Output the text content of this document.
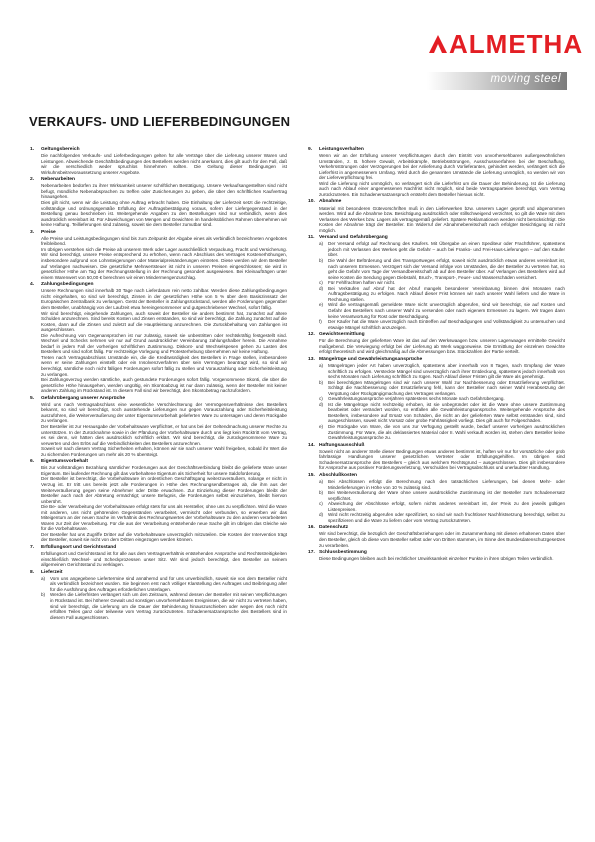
ALMETHA
moving steel
VERKAUFS- UND LIEFERBEDINGUNGEN
1.	Geltungsbereich

Die nachfolgenden Verkaufs- und Lieferbedingungen gelten für alle Verträge über die Lieferung unserer Waren und Leistungen. Abweichende Geschäftsbedingungen des Bestellers werden nicht anerkannt, dies gilt auch für den Fall, daß wir die verschiedlich weder spruchlos hinnehmen sollten. Die Geltung dieser Bedingungen ist Wirkuhnsbeitrevoraussetzung unserer Angebote.

2.	Nebenarbeiten

Nebenarbeiten bedürfen zu ihrer Wirksamkeit unserer schriftlichen Bestätigung. Unsere Verkaufsangestellten sind nicht befugt, mündliche Nebenabsprachen zu treffen oder Zusicherungen zu geben, die über den schriftlichen Kaufvertrag hinausgehen.

Dies gilt nicht, wenn wir die Leistung ohne Auftrag erbracht haben. Die Einhaltung der Lieferzeit setzt die rechtzeitige, vollständige und ordnungsgemäße Erfüllung der Auftragsbestätigung voraus, sofern der Liefergegenstand in der Bestellung genau beschrieben ist. Weitergehende Angaben zu den Bestellungen sind nur verbindlich, wenn dies ausdrücklich vereinbart ist. Für Abweichungen von Mengen und Gewichten im handelsüblichen Rahmen übernehmen wir keine Haftung. Teillieferungen sind zulässig, soweit sie dem Besteller zumutbar sind.

3.	Preise

Alle Preise und Leistungsbedingungen sind bis zum Zeitpunkt der Abgabe eines als verbindlich bezeichneten Angebotes freibleibend.

Im übrigen verstehen sich die Preise ab unserem Werk oder Lager ausschließlich Verpackung, Fracht und Versicherung. Wir sind berechtigt, unsere Preise entsprechend zu erhöhen, wenn nach Abschluss des Vertrages Kostenerhöhungen, insbesondere aufgrund von Lohnsteigerungen oder Materialpreisänderungen eintreten. Diese werden wir dem Besteller auf Verlangen nachweisen. Die gesetzliche Mehrwertsteuer ist nicht in unseren Preisen eingeschlossen; sie wird in gesetzlicher Höhe am Tag der Rechnungsstellung in der Rechnung gesondert ausgewiesen. Bei Kleinaufträgen unter einem Warenwert von 50,00 € berechnen wir einen Mindermengenzuschlag.

4.	Zahlungsbedingungen

Unsere Rechnungen sind innerhalb 30 Tage nach Lieferdatum rein netto zahlbar. Werden diese Zahlungsbedingungen nicht eingehalten, so sind wir berechtigt, Zinsen in der gesetzlichen Höhe von 5 % über dem Basiszinssatz der Europäischen Zentralbank zu verlangen. Gerät der Besteller in Zahlungsrückstand, werden alle Forderungen gegenüber dem Besteller, unabhängig von der Laufzeit etwa hereingenommener und gutgeschriebener Wechsel, sofort fällig.

Wir sind berechtigt, eingehende Zahlungen, auch soweit der Besteller sie anders bestimmt hat, zunächst auf ältere Schulden anzurechnen. Sind bereits Kosten und Zinsen entstanden, so sind wir berechtigt, die Zahlung zunächst auf die Kosten, dann auf die Zinsen und zuletzt auf die Hauptleistung anzurechnen. Die Zurückbehaltung von Zahlungen ist ausgeschlossen.

Die Aufrechnung von Gegenansprüchen ist nur zulässig, soweit sie unbestritten oder rechtskräftig festgestellt sind. Wechsel und Schecks nehmen wir nur auf Grund ausdrücklicher Vereinbarung zahlungshalber herein. Die Annahme bedarf in jedem Fall der vorherigen schriftlichen Zustimmung. Diskont- und Wechselspesen gehen zu Lasten des Bestellers und sind sofort fällig. Für rechtzeitige Vorlegung und Protesterhebung übernehmen wir keine Haftung.

Treten nach Vertragsabschluss Umstände ein, die die Kreditwürdigkeit des Bestellers in Frage stellen, insbesondere wenn er seine Zahlungen einstellt oder ein Insolvenzverfahren über sein Vermögen beantragt wird, so sind wir berechtigt, sämtliche noch nicht fälligen Forderungen sofort fällig zu stellen und Vorauszahlung oder Sicherheitsleistung zu verlangen.

Bei Zahlungsverzug werden sämtliche, auch gestundete Forderungen sofort fällig. Vorgenommene Skonti, die über die gesetzliche Höhe hinausgehen, werden ungültig, ein Skontoabzug ist nur dann zulässig, wenn der Besteller mit keiner anderen Zahlung im Rückstand ist. In diesem Fall sind wir berechtigt, den Skontobetrag nachzufordern.

5.	Gefahrübergang unserer Ansprüche

Wird uns nach Vertragsabschluss eine wesentliche Verschlechterung der Vermögensverhältnisse des Bestellers bekannt, so sind wir berechtigt, noch ausstehende Lieferungen nur gegen Vorauszahlung oder Sicherheitsleistung auszuführen, die Weiterveräußerung der unter Eigentumsvorbehalt gelieferten Ware zu untersagen und deren Rückgabe zu verlangen.

Der Besteller ist zur Herausgabe der Vorbehaltsware verpflichtet, er hat uns bei der Geltendmachung unserer Rechte zu unterstützen. In der Zurücknahme sowie in der Pfändung der Vorbehaltsware durch uns liegt kein Rücktritt vom Vertrag, es sei denn, wir hätten dies ausdrücklich schriftlich erklärt. Wir sind berechtigt, die zurückgenommene Ware zu verwerten und den Erlös auf die Verbindlichkeiten des Bestellers anzurechnen.

Soweit wir nach diesem Vertrag Sicherheiten erhalten, können wir sie nach unserer Wahl freigeben, sobald ihr Wert die zu sichernden Forderungen um mehr als 20 % übersteigt.

6.	Eigentumsvorbehalt

Bis zur vollständigen Bezahlung sämtlicher Forderungen aus der Geschäftsverbindung bleibt die gelieferte Ware unser Eigentum. Bei laufender Rechnung gilt das vorbehaltene Eigentum als Sicherheit für unsere Saldoforderung.

Der Besteller ist berechtigt, die Vorbehaltsware im ordentlichen Geschäftsgang weiterzuveräußern, solange er nicht in Verzug ist. Er tritt uns bereits jetzt alle Forderungen in Höhe des Rechnungsendbetrages ab, die ihm aus der Weiterveräußerung gegen seine Abnehmer oder Dritte erwachsen. Zur Einziehung dieser Forderungen bleibt der Besteller auch nach der Abtretung ermächtigt; unsere Befugnis, die Forderungen selbst einzuziehen, bleibt hiervon unberührt.

Die Be- oder Verarbeitung der Vorbehaltsware erfolgt stets für uns als Hersteller, ohne uns zu verpflichten. Wird die Ware mit anderen, uns nicht gehörenden Gegenständen verarbeitet, vermischt oder verbunden, so erwerben wir das Miteigentum an der neuen Sache im Verhältnis des Rechnungswertes der Vorbehaltsware zu den anderen verarbeiteten Waren zur Zeit der Verarbeitung. Für die aus der Verarbeitung entstehende neue Sache gilt im übrigen das Gleiche wie für die Vorbehaltsware.

Der Besteller hat uns Zugriffe Dritter auf die Vorbehaltsware unverzüglich mitzuteilen. Die Kosten der Intervention trägt der Besteller, soweit sie nicht von dem Dritten eingezogen werden können.

7.	Erfüllungsort und Gerichtsstand

Erfüllungsort und Gerichtsstand ist für alle aus dem Vertragsverhältnis entstehenden Ansprüche und Rechtsstreitigkeiten einschließlich Wechsel- und Scheckprozessen unser Sitz. Wir sind jedoch berechtigt, den Besteller an seinem allgemeinen Gerichtsstand zu verklagen.

8.	Lieferzeit
a)	Vom uns angegebene Liefertermine sind annähernd und für uns unverbindlich, soweit sie von dem Besteller nicht als verbindlich bezeichnet wurden. Sie beginnen erst nach völliger Klarstellung des Auftrages und Beibringung aller für die Ausführung des Auftrages erforderlichen Unterlagen.

b)	Werden die Lieferfristen verlängert sich um den Zeitraum, während dessen der Besteller mit seinen Verpflichtungen in Rückstand ist. Bei höherer Gewalt und sonstigen unvorhersehbaren Ereignissen, die wir nicht zu vertreten haben, sind wir berechtigt, die Lieferung um die Dauer der Behinderung hinauszuschieben oder wegen des noch nicht erfüllten Teiles ganz oder teilweise vom Vertrag zurückzutreten. Schadenersatzansprüche des Bestellers sind in diesem Fall ausgeschlossen.

9.	Leistungsverhalten

Wenn wir an der Erfüllung unserer Verpflichtungen durch den Eintritt von unvorhersehbaren außergewöhnlichen Umständen, z. B. höhere Gewalt, Arbeitskämpfe, Betriebsstörungen, Ausschussverfahren bei der Beschaffung, Verkehrsstörungen oder Verzögerungen bei der Anlieferung durch Vorlieferanten, gehindert werden, verlängert sich die Lieferfrist in angemessenem Umfang. Wird durch die genannten Umstände die Lieferung unmöglich, so werden wir von der Lieferverpflichtung frei.

Wird die Lieferung nicht unmöglich, so verlängert sich die Lieferfrist um die Dauer der Behinderung. Ist die Lieferung auch nach Ablauf einer angemessenen Nachfrist nicht möglich, sind beide Vertragsparteien berechtigt, vom Vertrag zurückzutreten. Ein Schadenersatzanspruch entsteht dem Besteller hieraus nicht.

10. Abnahme

Material mit besonderen Gütevorschriften muß in den Lieferwerken bzw. unserem Lager geprüft und abgenommen werden. Wird auf die Abnahme bzw. Besichtigung ausdrücklich oder stillschweigend verzichtet, so gilt die Ware mit dem Verlassen des Werkes bzw. Lagers als vertragsgemäß geliefert. Spätere Reklamationen werden nicht berücksichtigt. Die Kosten der Abnahme trägt der Besteller. Ein Widerruf der Abnahmebereitschaft nach erfolgter Besichtigung ist nicht möglich.

11. Versand und Gefahrübergang
a)	Der Versand erfolgt auf Rechnung des Käufers. Mit Übergabe an einen Spediteur oder Frachtführer, spätestens jedoch mit Verlassen des Werkes geht die Gefahr – auch bei Franko- und Frei-Haus-Lieferungen – auf den Käufer über.

b)	Die Wahl der Beförderung und des Transportweges erfolgt, soweit nicht ausdrücklich etwas anderes vereinbart ist, nach unserem Ermessen. Verzögert sich der Versand infolge von Umständen, die der Besteller zu vertreten hat, so geht die Gefahr vom Tage der Versandbereitschaft ab auf den Besteller über. Auf Verlangen des Bestellers wird auf seine Kosten die Sendung gegen Diebstahl, Bruch-, Transport-, Feuer- und Wasserschäden versichert.

c)	Für Fehlfrachten haften wir nicht.

d)	Bei Verkäufen auf Abruf hat der Abruf mangels besonderer Vereinbarung binnen drei Monaten nach Auftragsbestätigung zu erfolgen. Nach Ablauf dieser Frist können wir nach unserer Wahl liefern und die Ware in Rechnung stellen.

e)	Wird die vertragsgemäß gemeldete Ware nicht unverzüglich abgerufen, sind wir berechtigt, sie auf Kosten und Gefahr des Bestellers nach unserer Wahl zu versenden oder nach eigenem Ermessen zu lagern. Wir tragen dann keine Verantwortung für Rost oder Beschädigung.

f)	Der Käufer hat die Ware unverzüglich nach Eintreffen auf Beschädigungen und Vollständigkeit zu untersuchen und etwaige Mängel schriftlich anzuzeigen.

12. Gewichtsermittlung

Für die Berechnung der gelieferten Ware ist das auf den Werkswaagen bzw. unseren Lagerwaagen ermittelte Gewicht maßgebend. Die Verwiegung erfolgt bei der Lieferung ab Werk waggonweise. Die Ermittlung der einzelnen Gewichte erfolgt theoretisch und wird gleichmäßig auf die Abmessungen bzw. Stückzahlen der Partie verteilt.

13. Mängelrüge und Gewährleistungsansprüche
a)	Mängelrügen jeder Art haben unverzüglich, spätestens aber innerhalb von 8 Tagen, nach Empfang der Ware schriftlich zu erfolgen. Versteckte Mängel sind unverzüglich nach ihrer Entdeckung, spätestens jedoch innerhalb von sechs Monaten nach Lieferung schriftlich zu rügen. Nach Ablauf dieser Fristen gilt die Ware als genehmigt.

b)	Bei berechtigten Mängelrügen sind wir nach unserer Wahl zur Nachbesserung oder Ersatzlieferung verpflichtet. Schlägt die Nachbesserung oder Ersatzlieferung fehl, kann der Besteller nach seiner Wahl Herabsetzung der Vergütung oder Rückgängigmachung des Vertrages verlangen.

c)	Gewährleistungsansprüche verjähren spätestens sechs Monate nach Gefahrübergang.

d)	Ist die Mängelrüge nicht rechtzeitig erhoben, ist sie unbegründet oder ist die Ware ohne unsere Zustimmung bearbeitet oder verändert worden, so entfallen alle Gewährleistungsansprüche. Weitergehende Ansprüche des Bestellers, insbesondere auf Ersatz von Schäden, die nicht an der gelieferten Ware selbst entstanden sind, sind ausgeschlossen, soweit nicht Vorsatz oder grobe Fahrlässigkeit vorliegt. Dies gilt auch für Folgeschäden.

e)	Die Rückgabe von Ware, die von uns zur Verfügung gestellt wurde, bedarf unserer vorherigen ausdrücklichen Zustimmung. Für Ware, die als deklassiertes Material oder II. Wahl verkauft worden ist, stehen dem Besteller keine Gewährleistungsansprüche zu.

14. Haftungsausschluß

Soweit nicht an anderer Stelle dieser Bedingungen etwas anderes bestimmt ist, haften wir nur für vorsätzliche oder grob fahrlässige Handlungen unserer gesetzlichen Vertreter oder Erfüllungsgehilfen. Im übrigen sind Schadenersatzansprüche des Bestellers – gleich aus welchem Rechtsgrund – ausgeschlossen. Dies gilt insbesondere für Ansprüche aus positiver Forderungsverletzung, Verschulden bei Vertragsabschluss und unerlaubter Handlung.

15. Abschlußkosten
a)	Bei Abschlüssen erfolgt die Berechnung nach den tatsächlichen Lieferungen, bei denen Mehr- oder Minderlieferungen in Höhe von 10 % zulässig sind.

b)	Bei Weiterveräußerung der Ware ohne unsere ausdrückliche Zustimmung ist der Besteller zum Schadenersatz verpflichtet.

c)	Abweichung der Abschlüsse erfolgt, sofern nichts anderes vereinbart ist, der Preis zu den jeweils gültigen Listenpreisen.

d)	Wird nicht rechtzeitig abgerufen oder spezifiziert, so sind wir nach fruchtloser Nachfristsetzung berechtigt, selbst zu spezifizieren und die Ware zu liefern oder vom Vertrag zurückzutreten.

16. Datenschutz

Wir sind berechtigt, die bezüglich der Geschäftsbeziehungen oder im Zusammenhang mit diesen erhaltenen Daten über den Besteller, gleich ob diese vom Besteller selbst oder von Dritten stammen, im Sinne des Bundesdatenschutzgesetzes zu verarbeiten.

17. Schlussbestimmung

Diese Bedingungen bleiben auch bei rechtlicher Unwirksamkeit einzelner Punkte in ihren übrigen Teilen verbindlich.
